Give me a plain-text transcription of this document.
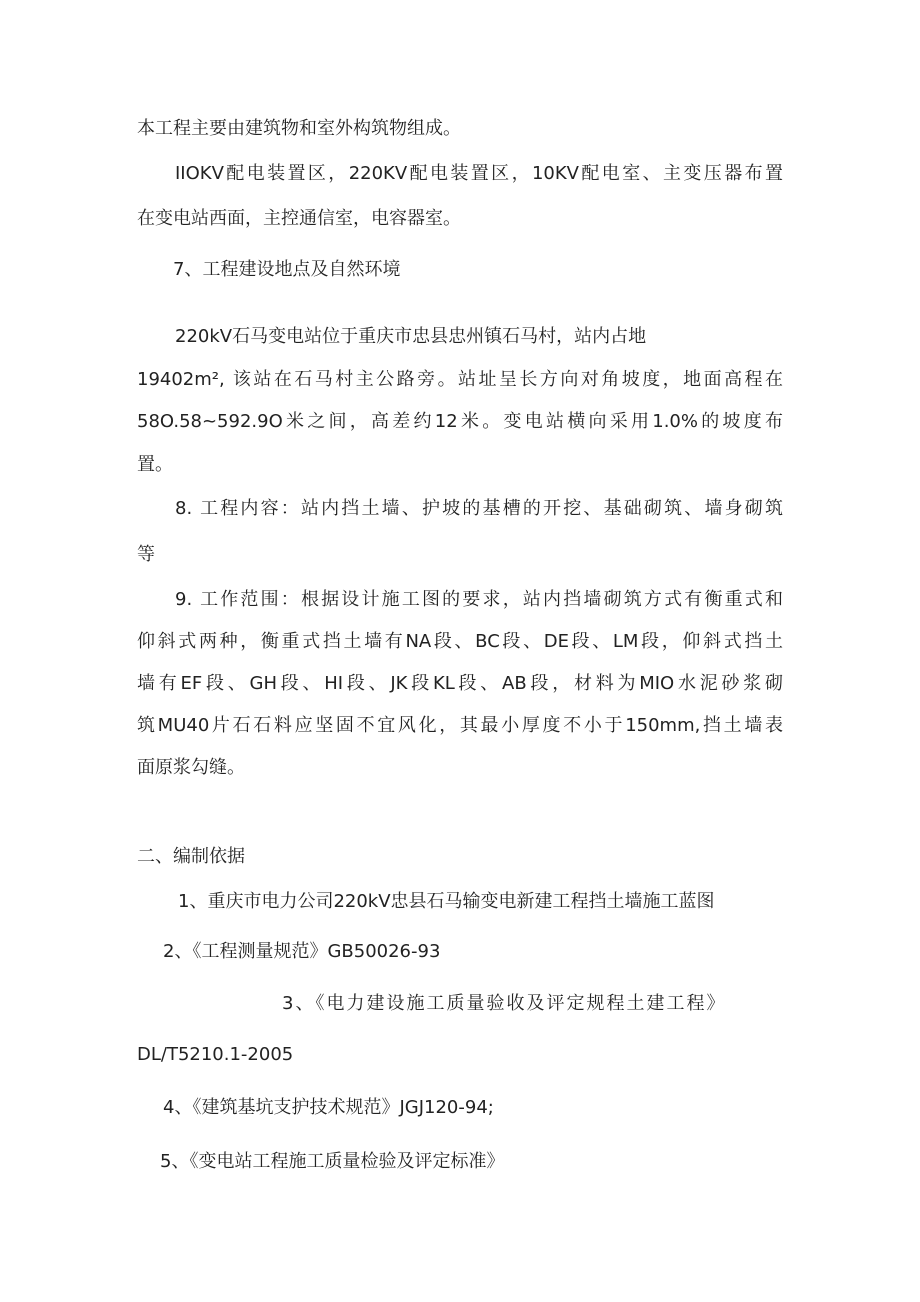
本工程主要由建筑物和室外构筑物组成。
IIOKV配电装置区，220KV配电装置区，10KV配电室、主变压器布置
在变电站西面，主控通信室，电容器室。
7、工程建设地点及自然环境
220kV石马变电站位于重庆市忠县忠州镇石马村，站内占地
19402m², 该站在石马村主公路旁。站址呈长方向对角坡度，地面高程在
58O.58~592.9O米之间，高差约12米。变电站横向采用1.0%的坡度布
置。
8. 工程内容：站内挡土墙、护坡的基槽的开挖、基础砌筑、墙身砌筑
等
9. 工作范围：根据设计施工图的要求，站内挡墙砌筑方式有衡重式和
仰斜式两种，衡重式挡土墙有NA段、BC段、DE段、LM段，仰斜式挡土
墙有EF段、GH段、HI段、JK段KL段、AB段，材料为MIO水泥砂浆砌
筑MU40片石石料应坚固不宜风化，其最小厚度不小于150mm,挡土墙表
面原浆勾缝。
二、编制依据
1、重庆市电力公司220kV忠县石马输变电新建工程挡土墙施工蓝图
2、《工程测量规范》GB50026-93
3、《电力建设施工质量验收及评定规程土建工程》
DL/T5210.1-2005
4、《建筑基坑支护技术规范》JGJ120-94;
5、《变电站工程施工质量检验及评定标准》
